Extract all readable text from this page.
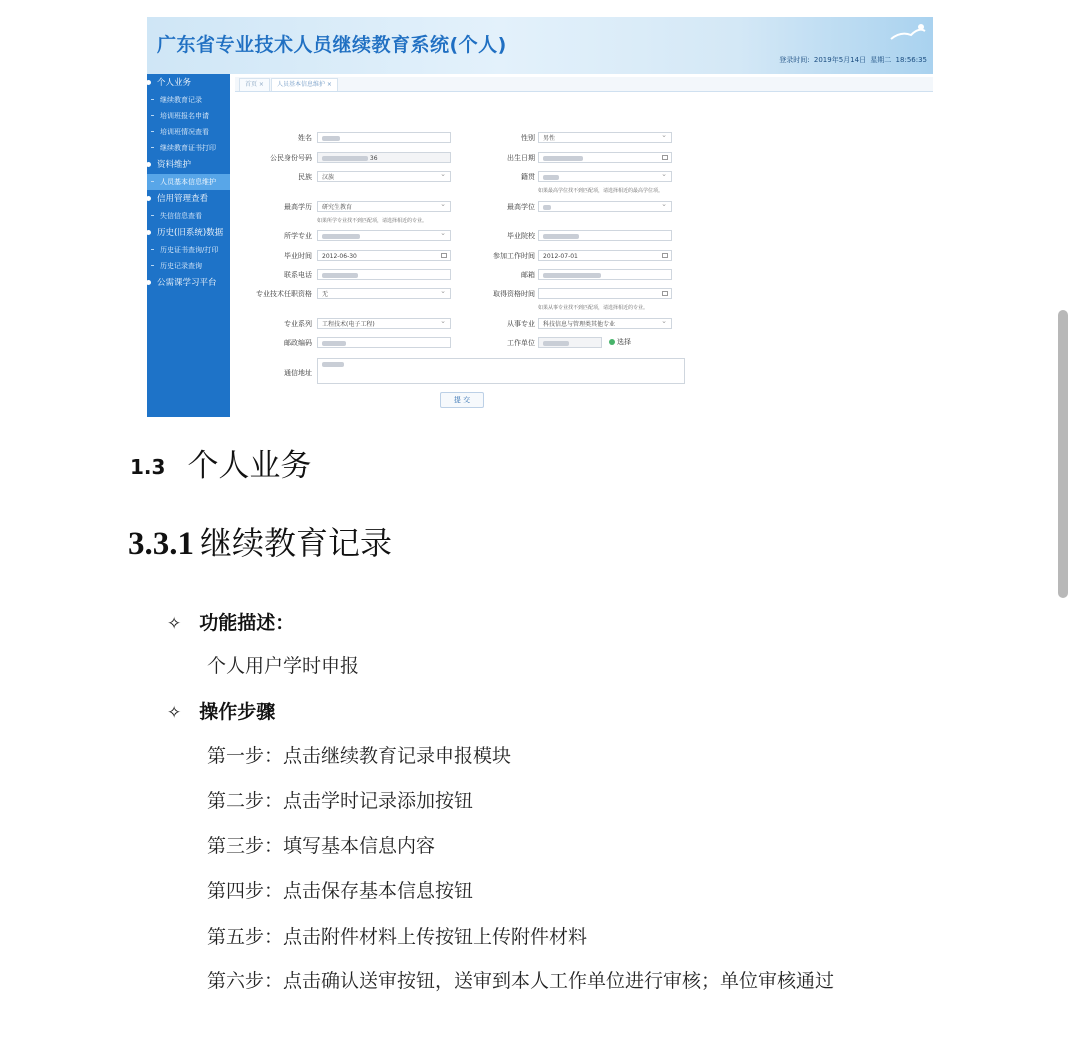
广东省专业技术人员继续教育系统(个人)
登录时间: 2019年5月14日 星期二 18:56:35
个人业务
继续教育记录
培训班报名申请
培训班情况查看
继续教育证书打印
资料维护
人员基本信息维护
信用管理查看
失信信息查看
历史(旧系统)数据
历史证书查询/打印
历史记录查询
公需课学习平台
首页 ×	人员基本信息维护 ×
姓名	性别	男性 ⌄
公民身份号码	36	出生日期
民族	汉族 ⌄	籍贯
⌄
如果最高学位找不到匹配项，请选择相近的最高学位项。
最高学历	研究生教育 ⌄	最高学位
⌄
如果所学专业找不到匹配项，请选择相近的专业。
所学专业
⌄	毕业院校
毕业时间	2012-06-30	参加工作时间	2012-07-01
联系电话	邮箱
专业技术任职资格	无 ⌄	取得资格时间
如果从事专业找不到匹配项，请选择相近的专业。
专业系列	工程技术(电子工程) ⌄	从事专业	科技信息与管理类其他专业 ⌄
邮政编码	工作单位	选择
通信地址
提 交
1.3 个人业务
3.3.1 继续教育记录
✧ 功能描述：
个人用户学时申报
✧ 操作步骤
第一步：点击继续教育记录申报模块
第二步：点击学时记录添加按钮
第三步：填写基本信息内容
第四步：点击保存基本信息按钮
第五步：点击附件材料上传按钮上传附件材料
第六步：点击确认送审按钮，送审到本人工作单位进行审核；单位审核通过
